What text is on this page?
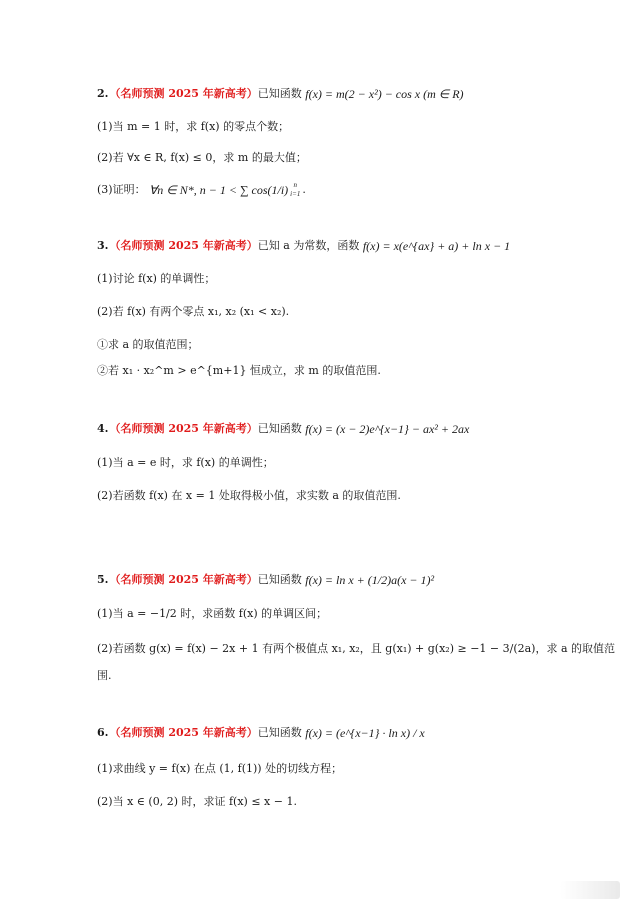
2. （名师预测 2025 年新高考） 已知函数
f(x) = m(2 − x²) − cos x (m ∈ R)
(1)当 m = 1 时，求 f(x) 的零点个数；
(2)若 ∀x ∈ R, f(x) ≤ 0，求 m 的最大值；
(3)证明：
∀n ∈ N*, n − 1 < ∑ cos(1/i) n
i=1 .
3. （名师预测 2025 年新高考） 已知 a 为常数，函数
f(x) = x(e^{ax} + a) + ln x − 1
(1)讨论 f(x) 的单调性；
(2)若 f(x) 有两个零点 x₁, x₂ (x₁ < x₂).
①求 a 的取值范围；
②若 x₁ · x₂^m > e^{m+1} 恒成立，求 m 的取值范围.
4. （名师预测 2025 年新高考） 已知函数
f(x) = (x − 2)e^{x−1} − ax² + 2ax
(1)当 a = e 时，求 f(x) 的单调性；
(2)若函数 f(x) 在 x = 1 处取得极小值，求实数 a 的取值范围.
5. （名师预测 2025 年新高考） 已知函数
f(x) = ln x + (1/2)a(x − 1)²
(1)当 a = −1/2 时，求函数 f(x) 的单调区间；
(2)若函数 g(x) = f(x) − 2x + 1 有两个极值点 x₁, x₂，且 g(x₁) + g(x₂) ≥ −1 − 3/(2a)，求 a 的取值范
围.
6. （名师预测 2025 年新高考） 已知函数
f(x) = (e^{x−1} · ln x) / x
(1)求曲线 y = f(x) 在点 (1, f(1)) 处的切线方程；
(2)当 x ∈ (0, 2) 时，求证 f(x) ≤ x − 1.
